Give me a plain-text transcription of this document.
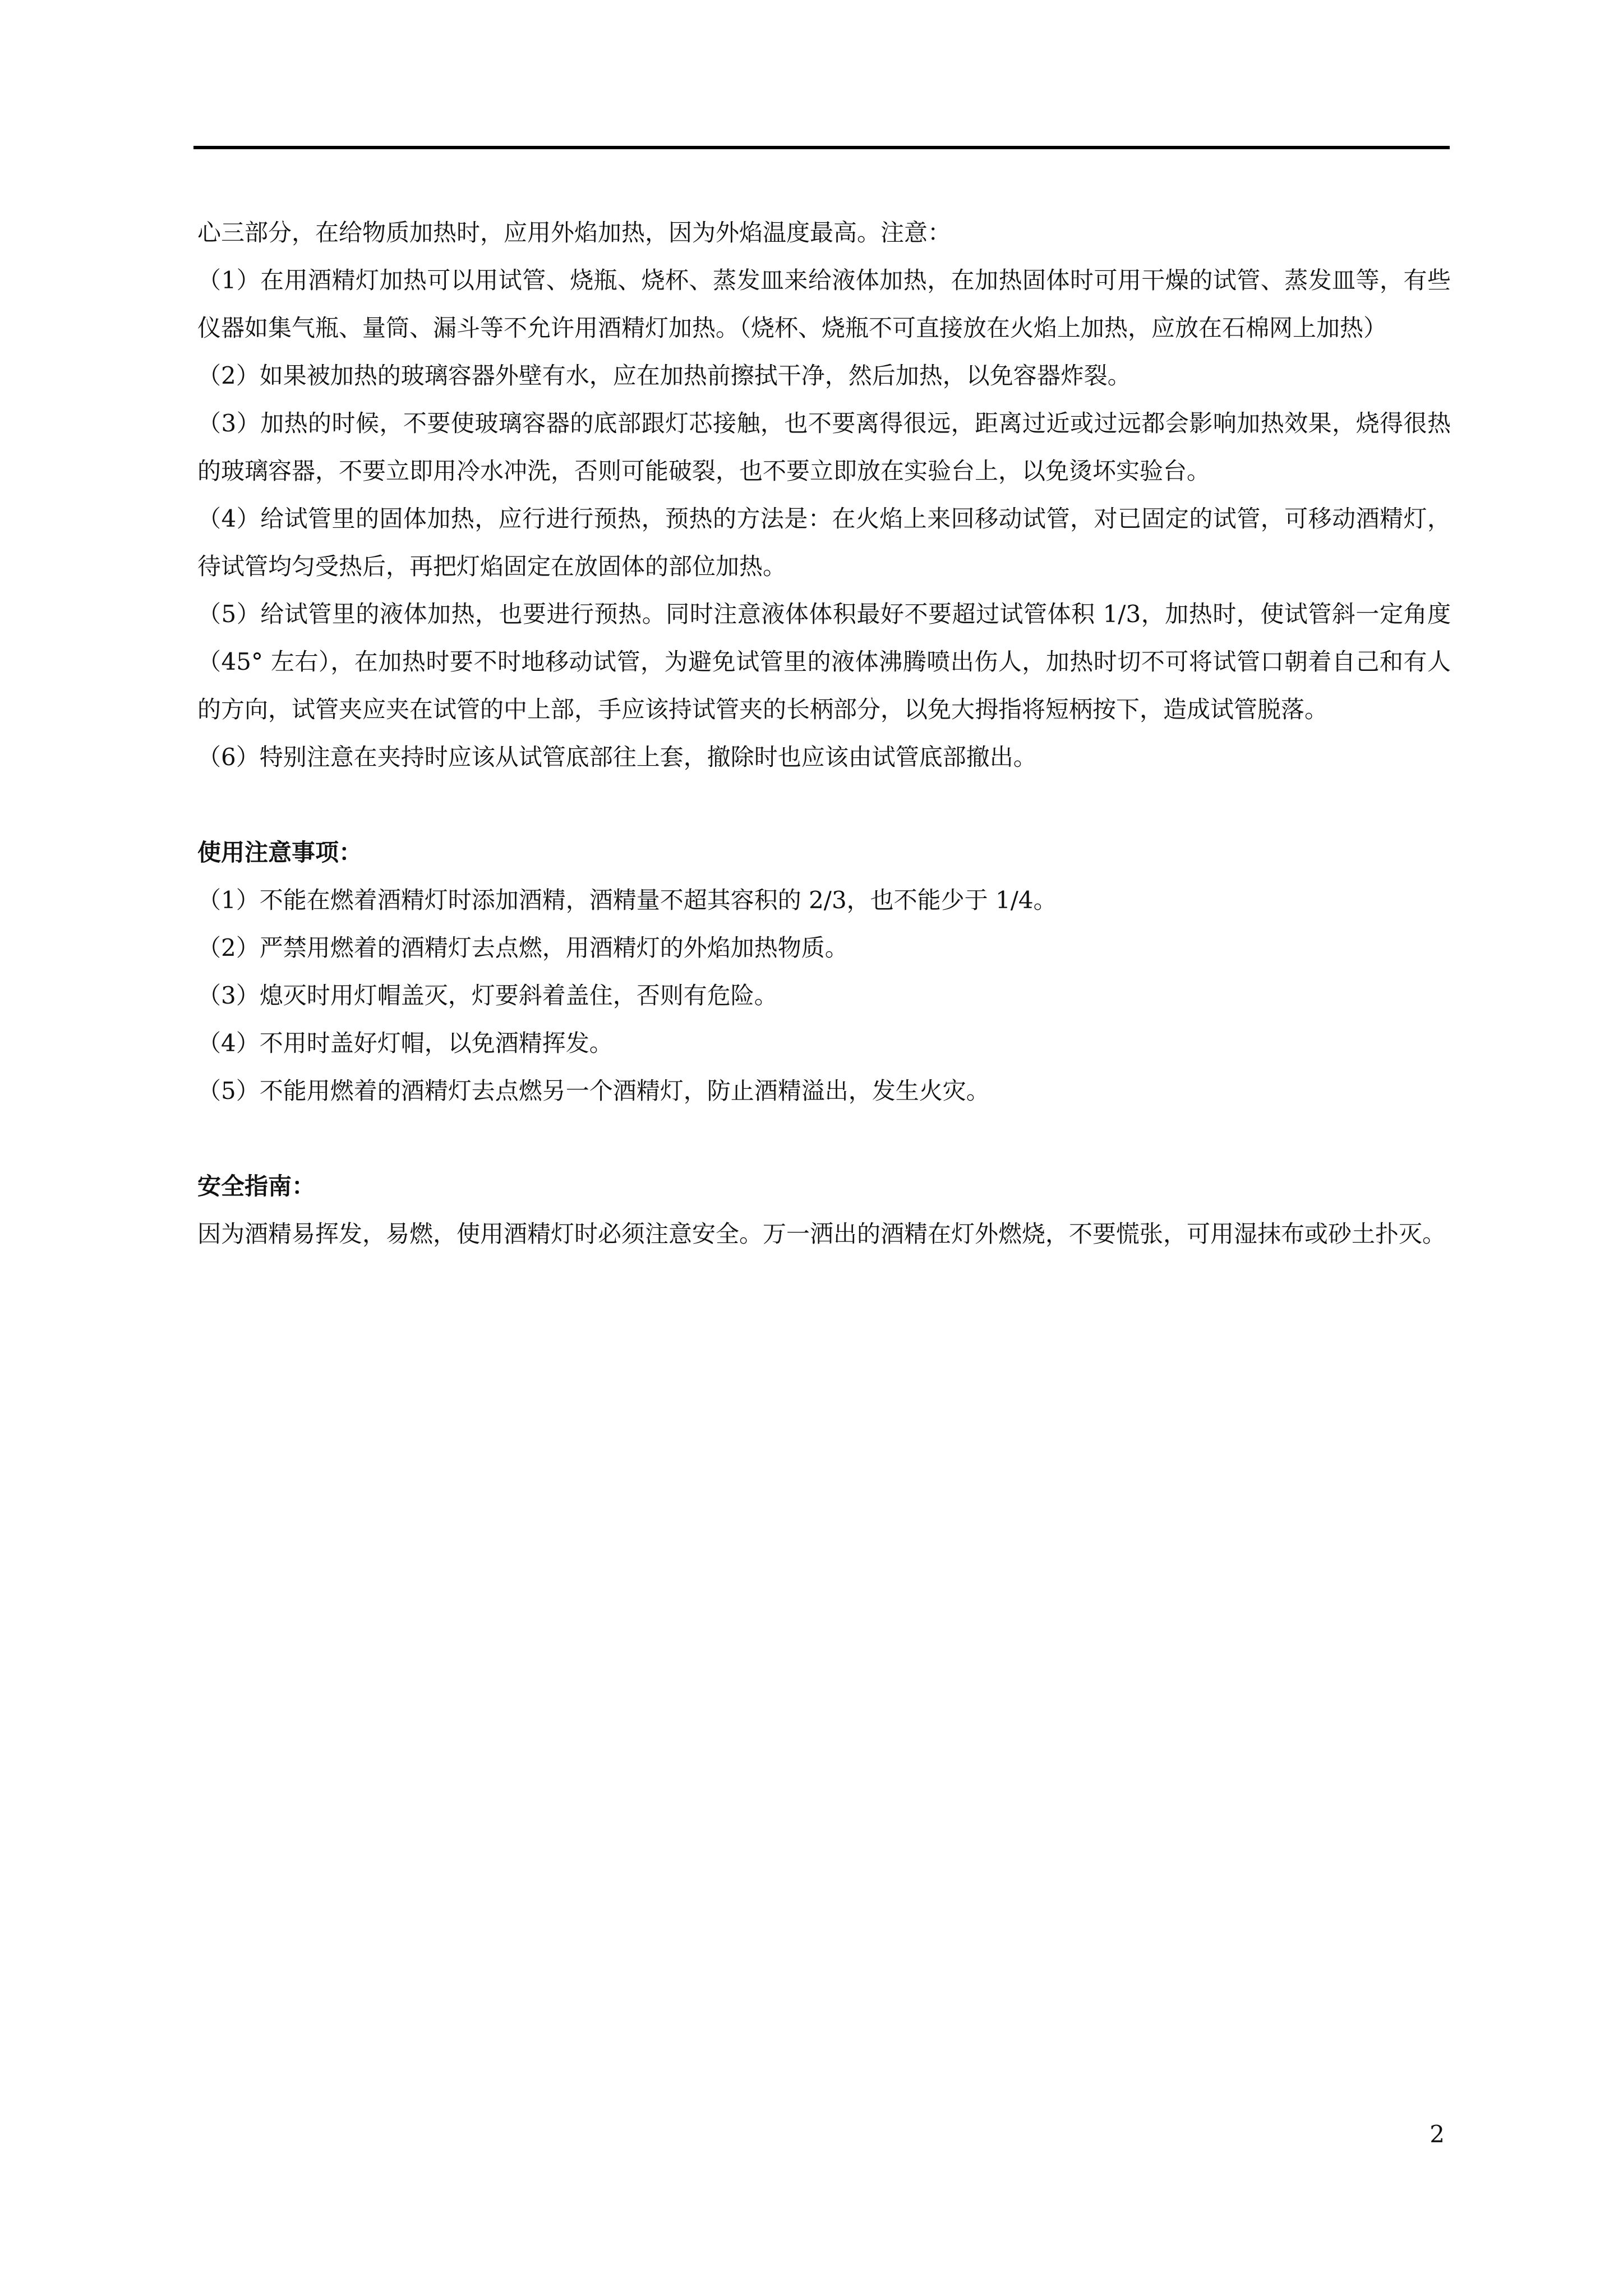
心三部分，在给物质加热时，应用外焰加热，因为外焰温度最高。注意：

（1）在用酒精灯加热可以用试管、烧瓶、烧杯、蒸发皿来给液体加热，在加热固体时可用干燥的试管、蒸发皿等，有些仪器如集气瓶、量筒、漏斗等不允许用酒精灯加热。（烧杯、烧瓶不可直接放在火焰上加热，应放在石棉网上加热）

（2）如果被加热的玻璃容器外壁有水，应在加热前擦拭干净，然后加热，以免容器炸裂。

（3）加热的时候，不要使玻璃容器的底部跟灯芯接触，也不要离得很远，距离过近或过远都会影响加热效果，烧得很热的玻璃容器，不要立即用冷水冲洗，否则可能破裂，也不要立即放在实验台上，以免烫坏实验台。

（4）给试管里的固体加热，应行进行预热，预热的方法是：在火焰上来回移动试管，对已固定的试管，可移动酒精灯，待试管均匀受热后，再把灯焰固定在放固体的部位加热。

（5）给试管里的液体加热，也要进行预热。同时注意液体体积最好不要超过试管体积 1/3，加热时，使试管斜一定角度（45° 左右），在加热时要不时地移动试管，为避免试管里的液体沸腾喷出伤人，加热时切不可将试管口朝着自己和有人的方向，试管夹应夹在试管的中上部，手应该持试管夹的长柄部分，以免大拇指将短柄按下，造成试管脱落。

（6）特别注意在夹持时应该从试管底部往上套，撤除时也应该由试管底部撤出。

使用注意事项：

（1）不能在燃着酒精灯时添加酒精，酒精量不超其容积的 2/3，也不能少于 1/4。

（2）严禁用燃着的酒精灯去点燃，用酒精灯的外焰加热物质。

（3）熄灭时用灯帽盖灭，灯要斜着盖住，否则有危险。

（4）不用时盖好灯帽，以免酒精挥发。

（5）不能用燃着的酒精灯去点燃另一个酒精灯，防止酒精溢出，发生火灾。

安全指南：

因为酒精易挥发，易燃，使用酒精灯时必须注意安全。万一洒出的酒精在灯外燃烧，不要慌张，可用湿抹布或砂土扑灭。

2
